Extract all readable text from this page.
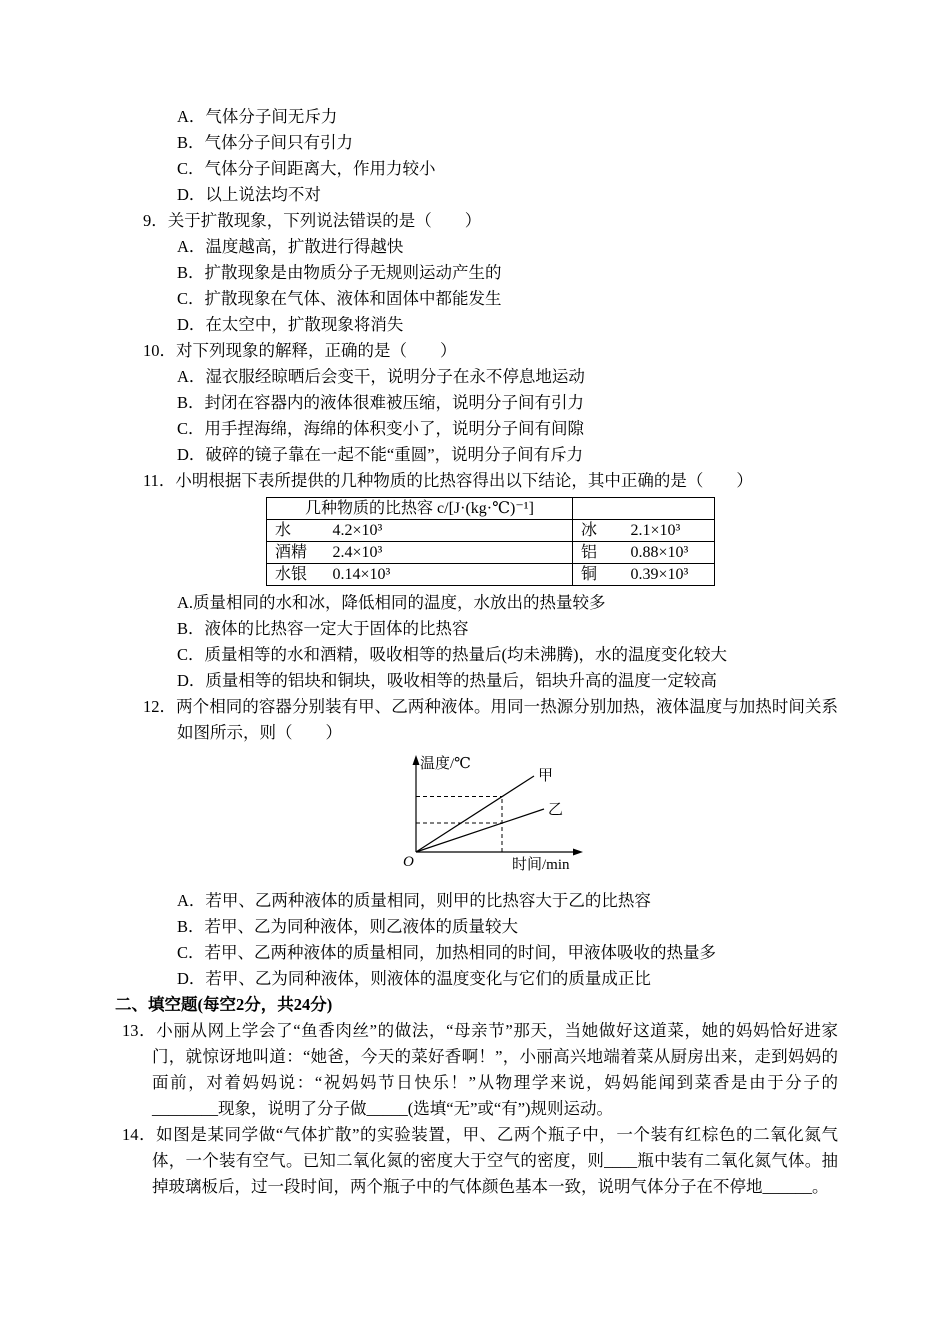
A．气体分子间无斥力
B．气体分子间只有引力
C．气体分子间距离大，作用力较小
D．以上说法均不对
9．关于扩散现象，下列说法错误的是（　　）
A．温度越高，扩散进行得越快
B．扩散现象是由物质分子无规则运动产生的
C．扩散现象在气体、液体和固体中都能发生
D．在太空中，扩散现象将消失
10．对下列现象的解释，正确的是（　　）
A．湿衣服经晾晒后会变干，说明分子在永不停息地运动
B．封闭在容器内的液体很难被压缩，说明分子间有引力
C．用手捏海绵，海绵的体积变小了，说明分子间有间隙
D．破碎的镜子靠在一起不能“重圆”，说明分子间有斥力
11．小明根据下表所提供的几种物质的比热容得出以下结论，其中正确的是（　　）
几种物质的比热容 c/[J·(kg·℃)⁻¹]			
水	4.2×10³	冰	2.1×10³
酒精	2.4×10³	铝	0.88×10³
水银	0.14×10³	铜	0.39×10³
A.质量相同的水和冰，降低相同的温度，水放出的热量较多
B．液体的比热容一定大于固体的比热容
C．质量相等的水和酒精，吸收相等的热量后(均未沸腾)，水的温度变化较大
D．质量相等的铝块和铜块，吸收相等的热量后，铝块升高的温度一定较高
12．两个相同的容器分别装有甲、乙两种液体。用同一热源分别加热，液体温度与加热时间关系如图所示，则（　　）
温度/℃
时间/min
O
甲
乙
A．若甲、乙两种液体的质量相同，则甲的比热容大于乙的比热容
B．若甲、乙为同种液体，则乙液体的质量较大
C．若甲、乙两种液体的质量相同，加热相同的时间，甲液体吸收的热量多
D．若甲、乙为同种液体，则液体的温度变化与它们的质量成正比
二、填空题(每空2分，共24分)
13．小丽从网上学会了“鱼香肉丝”的做法，“母亲节”那天，当她做好这道菜，她的妈妈恰好进家门，就惊讶地叫道：“她爸，今天的菜好香啊！”，小丽高兴地端着菜从厨房出来，走到妈妈的面前，对着妈妈说：“祝妈妈节日快乐！”从物理学来说，妈妈能闻到菜香是由于分子的________现象，说明了分子做_____(选填“无”或“有”)规则运动。
14．如图是某同学做“气体扩散”的实验装置，甲、乙两个瓶子中，一个装有红棕色的二氧化氮气体，一个装有空气。已知二氧化氮的密度大于空气的密度，则____瓶中装有二氧化氮气体。抽掉玻璃板后，过一段时间，两个瓶子中的气体颜色基本一致，说明气体分子在不停地______。
